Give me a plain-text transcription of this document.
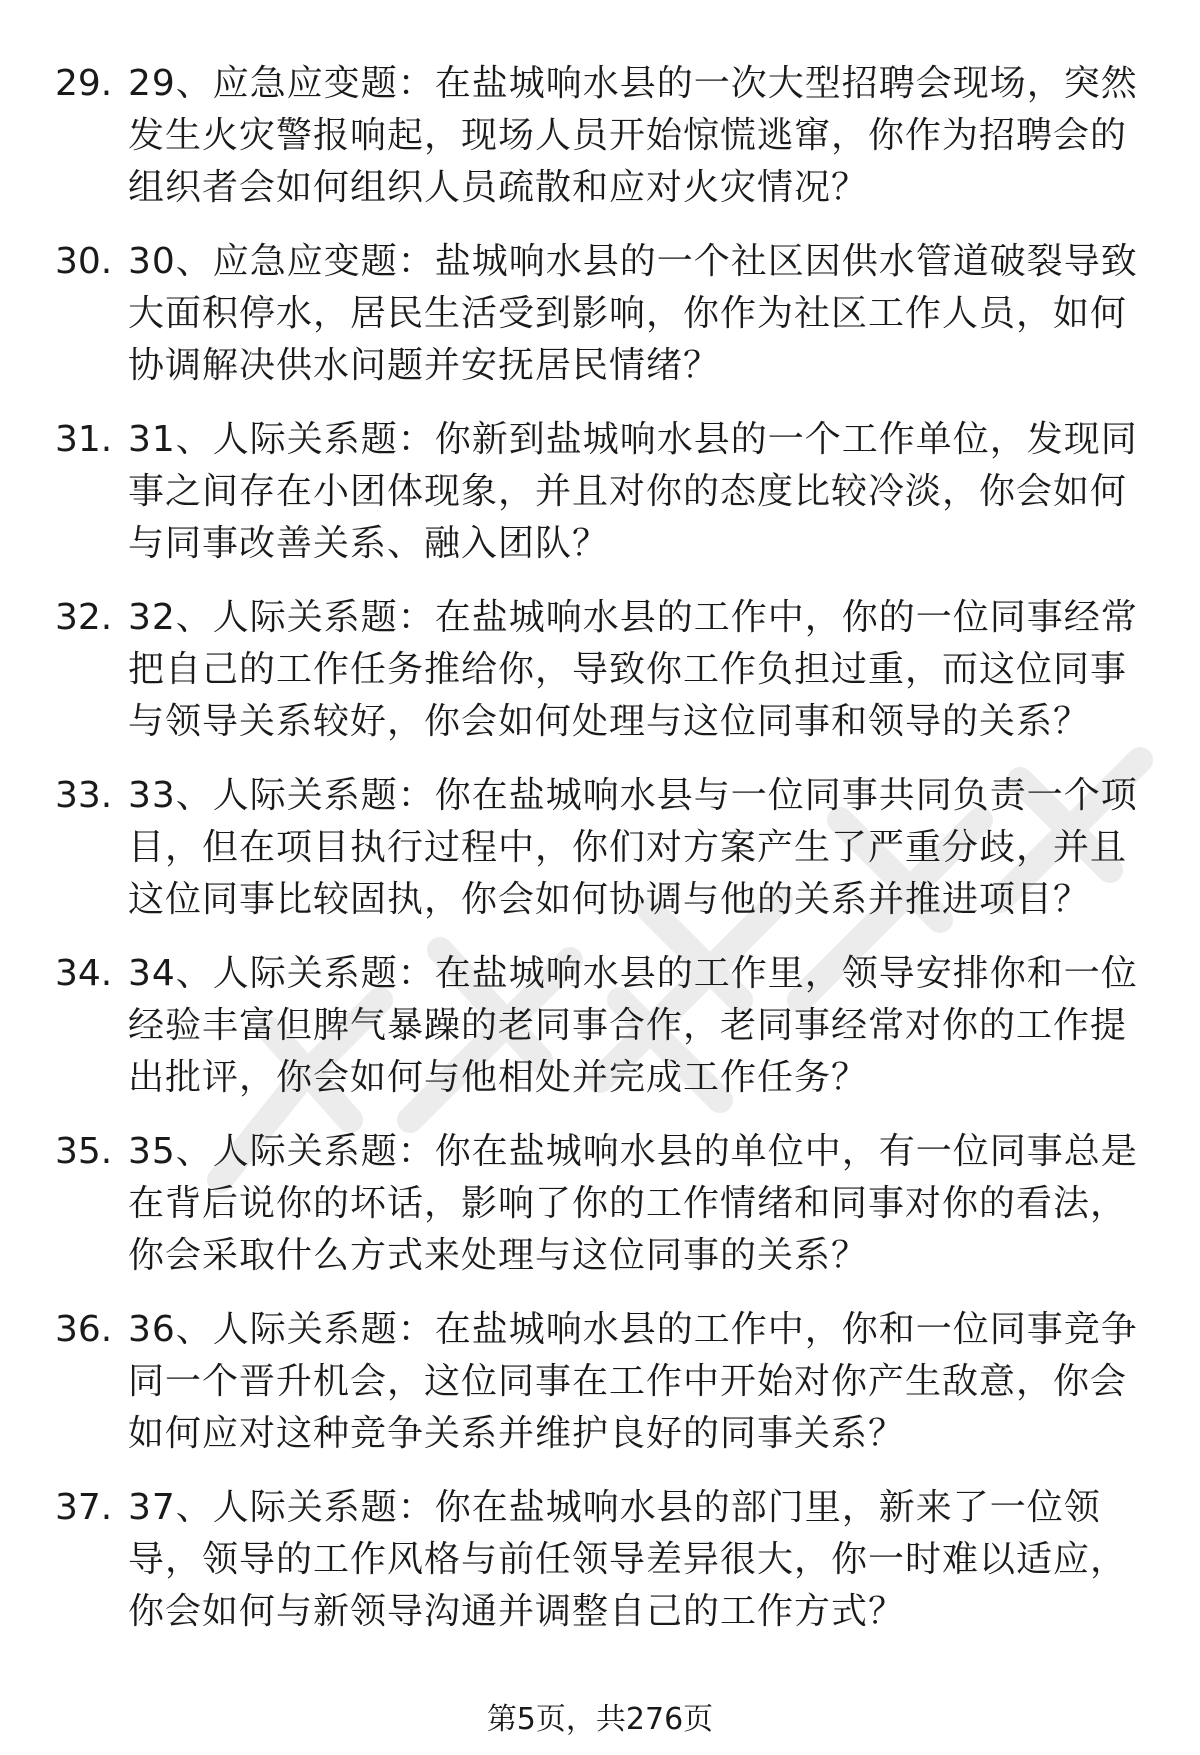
29. 29、应急应变题：在盐城响水县的一次大型招聘会现场，突然发生火灾警报响起，现场人员开始惊慌逃窜，你作为招聘会的组织者会如何组织人员疏散和应对火灾情况？

30. 30、应急应变题：盐城响水县的一个社区因供水管道破裂导致大面积停水，居民生活受到影响，你作为社区工作人员，如何协调解决供水问题并安抚居民情绪？

31. 31、人际关系题：你新到盐城响水县的一个工作单位，发现同事之间存在小团体现象，并且对你的态度比较冷淡，你会如何与同事改善关系、融入团队？

32. 32、人际关系题：在盐城响水县的工作中，你的一位同事经常把自己的工作任务推给你，导致你工作负担过重，而这位同事与领导关系较好，你会如何处理与这位同事和领导的关系？

33. 33、人际关系题：你在盐城响水县与一位同事共同负责一个项目，但在项目执行过程中，你们对方案产生了严重分歧，并且这位同事比较固执，你会如何协调与他的关系并推进项目？

34. 34、人际关系题：在盐城响水县的工作里，领导安排你和一位经验丰富但脾气暴躁的老同事合作，老同事经常对你的工作提出批评，你会如何与他相处并完成工作任务？

35. 35、人际关系题：你在盐城响水县的单位中，有一位同事总是在背后说你的坏话，影响了你的工作情绪和同事对你的看法，你会采取什么方式来处理与这位同事的关系？

36. 36、人际关系题：在盐城响水县的工作中，你和一位同事竞争同一个晋升机会，这位同事在工作中开始对你产生敌意，你会如何应对这种竞争关系并维护良好的同事关系？

37. 37、人际关系题：你在盐城响水县的部门里，新来了一位领导，领导的工作风格与前任领导差异很大，你一时难以适应，你会如何与新领导沟通并调整自己的工作方式？

第5页，共276页
